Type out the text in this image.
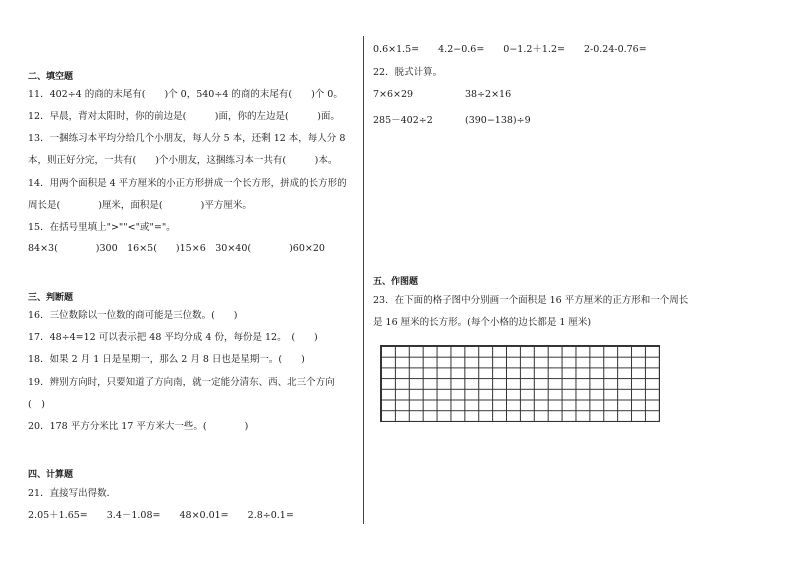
二、填空题
11．402÷4 的商的末尾有(　　)个 0，540÷4 的商的末尾有(　　)个 0。
12．早晨，背对太阳时，你的前边是(　　　)面，你的左边是(　　　)面。
13．一捆练习本平均分给几个小朋友，每人分 5 本，还剩 12 本，每人分 8
本，则正好分完，一共有(　　)个小朋友，这捆练习本一共有(　　　)本。
14．用两个面积是 4 平方厘米的小正方形拼成一个长方形，拼成的长方形的
周长是(　　　　)厘米，面积是(　　　　)平方厘米。
15．在括号里填上">""<"或"="。
84×3(　　　　)300　16×5(　　)15×6　30×40(　　　　)60×20
三、判断题
16．三位数除以一位数的商可能是三位数。(　　)
17．48÷4=12 可以表示把 48 平均分成 4 份，每份是 12。　(　　)
18．如果 2 月 1 日是星期一，那么 2 月 8 日也是星期一。(　　)
19．辨别方向时，只要知道了方向南，就一定能分清东、西、北三个方向
(　)
20．178 平方分米比 17 平方米大一些。(　　　　)
四、计算题
21．直接写出得数．
2.05＋1.65=　　3.4－1.08=　　48×0.01=　　2.8÷0.1=
0.6×1.5=　　4.2−0.6=　　0−1.2＋1.2=　　2-0.24-0.76=
22．脱式计算。
7×6×29	38÷2×16
285－402÷2	(390−138)÷9
五、作图题
23．在下面的格子图中分别画一个面积是 16 平方厘米的正方形和一个周长
是 16 厘米的长方形。(每个小格的边长都是 1 厘米)
